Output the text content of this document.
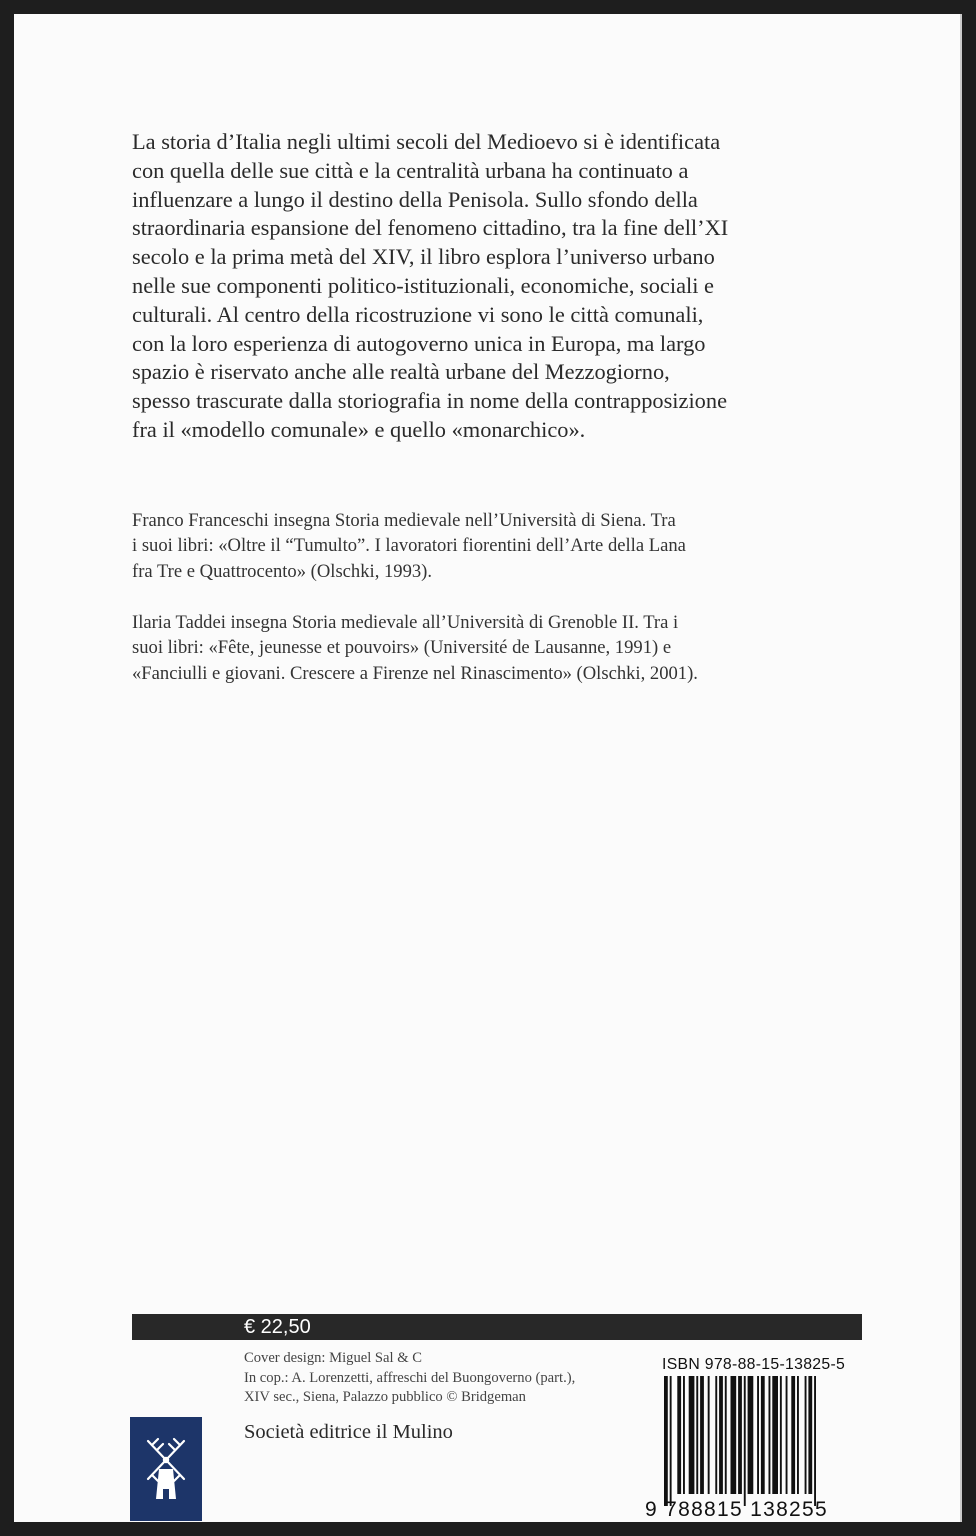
La storia d’Italia negli ultimi secoli del Medioevo si è identificata
con quella delle sue città e la centralità urbana ha continuato a
influenzare a lungo il destino della Penisola. Sullo sfondo della
straordinaria espansione del fenomeno cittadino, tra la fine dell’XI
secolo e la prima metà del XIV, il libro esplora l’universo urbano
nelle sue componenti politico-istituzionali, economiche, sociali e
culturali. Al centro della ricostruzione vi sono le città comunali,
con la loro esperienza di autogoverno unica in Europa, ma largo
spazio è riservato anche alle realtà urbane del Mezzogiorno,
spesso trascurate dalla storiografia in nome della contrapposizione
fra il «modello comunale» e quello «monarchico».
Franco Franceschi insegna Storia medievale nell’Università di Siena. Tra
i suoi libri: «Oltre il “Tumulto”. I lavoratori fiorentini dell’Arte della Lana
fra Tre e Quattrocento» (Olschki, 1993).
Ilaria Taddei insegna Storia medievale all’Università di Grenoble II. Tra i
suoi libri: «Fête, jeunesse et pouvoirs» (Université de Lausanne, 1991) e
«Fanciulli e giovani. Crescere a Firenze nel Rinascimento» (Olschki, 2001).
€ 22,50
Cover design: Miguel Sal & C
In cop.: A. Lorenzetti, affreschi del Buongoverno (part.),
XIV sec., Siena, Palazzo pubblico © Bridgeman
Società editrice il Mulino
ISBN 978-88-15-13825-5
9 788815 138255
